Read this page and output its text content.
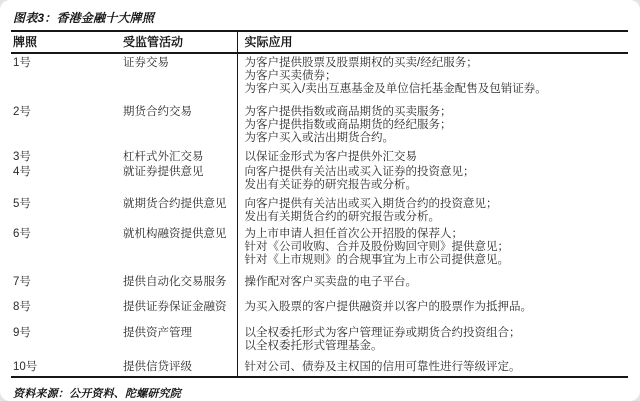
图表3：香港金融十大牌照
牌照	受监管活动	实际应用
1号	证券交易	为客户提供股票及股票期权的买卖/经纪服务；
为客户买卖债券；
为客户买入/卖出互惠基金及单位信托基金配售及包销证券。

2号	期货合约交易	为客户提供指数或商品期货的买卖服务；
为客户提供指数或商品期货的经纪服务；
为客户买入或沽出期货合约。

3号	杠杆式外汇交易	以保证金形式为客户提供外汇交易

4号	就证券提供意见	向客户提供有关沽出或买入证券的投资意见；
发出有关证券的研究报告或分析。

5号	就期货合约提供意见	向客户提供有关沽出或买入期货合约的投资意见；
发出有关期货合约的研究报告或分析。

6号	就机构融资提供意见	为上市申请人担任首次公开招股的保荐人；
针对《公司收购、合并及股份购回守则》提供意见；
针对《上市规则》的合规事宜为上市公司提供意见。

7号	提供自动化交易服务	操作配对客户买卖盘的电子平台。

8号	提供证券保证金融资	为买入股票的客户提供融资并以客户的股票作为抵押品。

9号	提供资产管理	以全权委托形式为客户管理证券或期货合约投资组合；
以全权委托形式管理基金。

10号	提供信贷评级	针对公司、债券及主权国的信用可靠性进行等级评定。
资料来源：公开资料、陀螺研究院
